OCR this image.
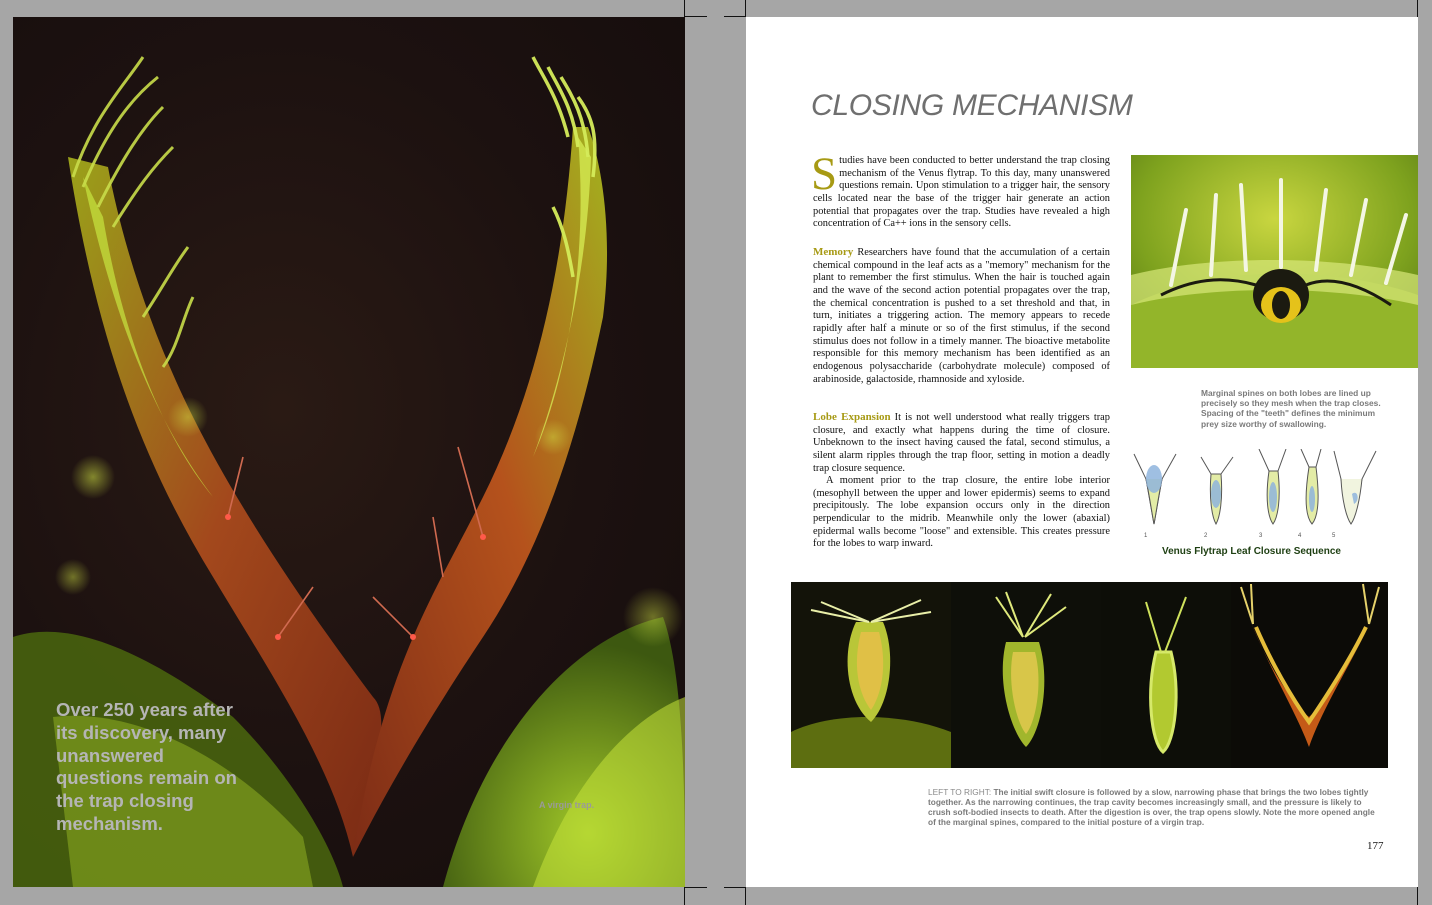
Over 250 years after its discovery, many unanswered questions remain on the trap closing mechanism.
A virgin trap.
CLOSING MECHANISM
Studies have been conducted to better understand the trap closing mechanism of the Venus flytrap. To this day, many unanswered questions remain. Upon stimulation to a trigger hair, the sensory cells located near the base of the trigger hair generate an action potential that propagates over the trap. Studies have revealed a high concentration of Ca++ ions in the sensory cells.
Memory Researchers have found that the accumulation of a certain chemical compound in the leaf acts as a "memory" mechanism for the plant to remember the first stimulus. When the hair is touched again and the wave of the second action potential propagates over the trap, the chemical concentration is pushed to a set threshold and that, in turn, initiates a triggering action. The memory appears to recede rapidly after half a minute or so of the first stimulus, if the second stimulus does not follow in a timely manner. The bioactive metabolite responsible for this memory mechanism has been identified as an endogenous polysaccharide (carbohydrate molecule) composed of arabinoside, galactoside, rhamnoside and xyloside.
Lobe Expansion It is not well understood what really triggers trap closure, and exactly what happens during the time of closure. Unbeknown to the insect having caused the fatal, second stimulus, a silent alarm ripples through the trap floor, setting in motion a deadly trap closure sequence.
A moment prior to the trap closure, the entire lobe interior (mesophyll between the upper and lower epidermis) seems to expand precipitously. The lobe expansion occurs only in the direction perpendicular to the midrib. Meanwhile only the lower (abaxial) epidermal walls become "loose" and extensible. This creates pressure for the lobes to warp inward.
Marginal spines on both lobes are lined up precisely so they mesh when the trap closes. Spacing of the "teeth" defines the minimum prey size worthy of swallowing.
1	2	3	4	5
Venus Flytrap Leaf Closure Sequence
LEFT TO RIGHT: The initial swift closure is followed by a slow, narrowing phase that brings the two lobes tightly together. As the narrowing continues, the trap cavity becomes increasingly small, and the pressure is likely to crush soft-bodied insects to death. After the digestion is over, the trap opens slowly. Note the more opened angle of the marginal spines, compared to the initial posture of a virgin trap.
177
